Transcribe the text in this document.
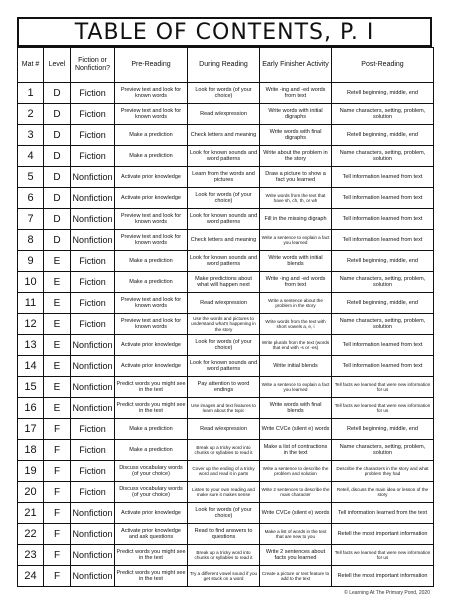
TABLE OF CONTENTS, P. I
Mat #	Level	Fiction or Nonfiction?	Pre-Reading	During Reading	Early Finisher Activity	Post-Reading
1	D	Fiction	Preview text and look for known words	Look for words (of your choice)	Write -ing and -ed words from text	Retell beginning, middle, end
2	D	Fiction	Preview text and look for known words	Read w/expression	Write words with initial digraphs	Name characters, setting, problem, solution
3	D	Fiction	Make a prediction	Check letters and meaning	Write words with final digraphs	Retell beginning, middle, end
4	D	Fiction	Make a prediction	Look for known sounds and word patterns	Write about the problem in the story	Name characters, setting, problem, solution
5	D	Nonfiction	Activate prior knowledge	Learn from the words and pictures	Draw a picture to show a fact you learned	Tell information learned from text
6	D	Nonfiction	Activate prior knowledge	Look for words (of your choice)	Write words from the text that have sh, ch, th, or wh	Tell information learned from text
7	D	Nonfiction	Preview text and look for known words	Look for known sounds and word patterns	Fill in the missing digraph	Tell information learned from text
8	D	Nonfiction	Preview text and look for known words	Check letters and meaning	Write a sentence to explain a fact you learned	Tell information learned from text
9	E	Fiction	Make a prediction	Look for known sounds and word patterns	Write words with initial blends	Retell beginning, middle, end
10	E	Fiction	Make a prediction	Make predictions about what will happen next	Write -ing and -ed words from text	Name characters, setting, problem, solution
11	E	Fiction	Preview text and look for known words	Read w/expression	Write a sentence about the problem in the story	Retell beginning, middle, end
12	E	Fiction	Preview text and look for known words	Use the words and pictures to understand what's happening in the story	Write words from the text with short vowels a, e, i	Name characters, setting, problem, solution
13	E	Nonfiction	Activate prior knowledge	Look for words (of your choice)	Write plurals from the text (words that end with -s or -es)	Tell information learned from text
14	E	Nonfiction	Activate prior knowledge	Look for known sounds and word patterns	Write initial blends	Tell information learned from text
15	E	Nonfiction	Predict words you might see in the text	Pay attention to word endings	Write a sentence to explain a fact you learned	Tell facts we learned that were new information for us
16	E	Nonfiction	Predict words you might see in the text	Use images and text features to learn about the topic	Write words with final blends	Tell facts we learned that were new information for us
17	F	Fiction	Make a prediction	Read w/expression	Write CVCe (silent e) words	Retell beginning, middle, end
18	F	Fiction	Make a prediction	Break up a tricky word into chunks or syllables to read it	Make a list of contractions in the text	Name characters, setting, problem, solution
19	F	Fiction	Discuss vocabulary words (of your choice)	Cover up the ending of a tricky word and read it in parts	Write a sentence to describe the problem and solution	Describe the characters in the story and what problem they had
20	F	Fiction	Discuss vocabulary words (of your choice)	Listen to your own reading and make sure it makes sense	Write 2 sentences to describe the main character	Retell, discuss the main idea or lesson of the story
21	F	Nonfiction	Activate prior knowledge	Look for words (of your choice)	Write CVCe (silent e) words	Tell information learned from the text
22	F	Nonfiction	Activate prior knowledge and ask questions	Read to find answers to questions	Make a list of words in the text that are new to you	Retell the most important information
23	F	Nonfiction	Predict words you might see in the text	Break up a tricky word into chunks or syllables to read it	Write 2 sentences about facts you learned	Tell facts we learned that were new information for us
24	F	Nonfiction	Predict words you might see in the text	Try a different vowel sound if you get stuck on a word	Create a picture or text feature to add to the text	Retell the most important information
© Learning At The Primary Pond, 2020
